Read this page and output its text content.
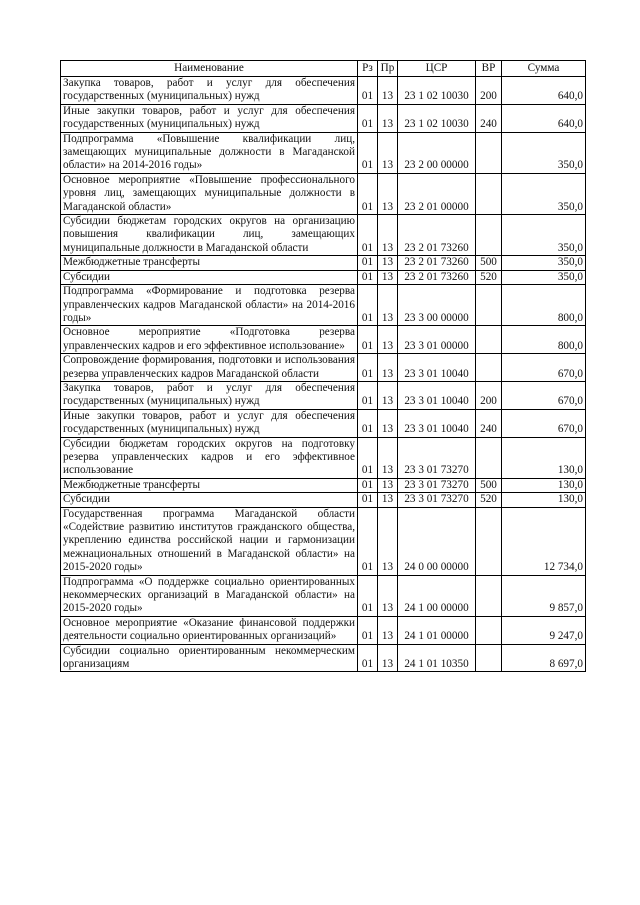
Наименование	Рз	Пр	ЦСР	ВР	Сумма
Закупка товаров, работ и услуг для обеспечения государственных (муниципальных) нужд	01	13	23 1 02 10030	200	640,0
Иные закупки товаров, работ и услуг для обеспечения государственных (муниципальных) нужд	01	13	23 1 02 10030	240	640,0
Подпрограмма «Повышение квалификации лиц, замещающих муниципальные должности в Магаданской области» на 2014-2016 годы»	01	13	23 2 00 00000		350,0
Основное мероприятие «Повышение профессионального уровня лиц, замещающих муниципальные должности в Магаданской области»	01	13	23 2 01 00000		350,0
Субсидии бюджетам городских округов на организацию повышения квалификации лиц, замещающих муниципальные должности в Магаданской области	01	13	23 2 01 73260		350,0
Межбюджетные трансферты	01	13	23 2 01 73260	500	350,0
Субсидии	01	13	23 2 01 73260	520	350,0
Подпрограмма «Формирование и подготовка резерва управленческих кадров Магаданской области» на 2014-2016 годы»	01	13	23 3 00 00000		800,0
Основное мероприятие «Подготовка резерва управленческих кадров и его эффективное использование»	01	13	23 3 01 00000		800,0
Сопровождение формирования, подготовки и использования резерва управленческих кадров Магаданской области	01	13	23 3 01 10040		670,0
Закупка товаров, работ и услуг для обеспечения государственных (муниципальных) нужд	01	13	23 3 01 10040	200	670,0
Иные закупки товаров, работ и услуг для обеспечения государственных (муниципальных) нужд	01	13	23 3 01 10040	240	670,0
Субсидии бюджетам городских округов на подготовку резерва управленческих кадров и его эффективное использование	01	13	23 3 01 73270		130,0
Межбюджетные трансферты	01	13	23 3 01 73270	500	130,0
Субсидии	01	13	23 3 01 73270	520	130,0
Государственная программа Магаданской области «Содействие развитию институтов гражданского общества, укреплению единства российской нации и гармонизации межнациональных отношений в Магаданской области» на 2015-2020 годы»	01	13	24 0 00 00000		12 734,0
Подпрограмма «О поддержке социально ориентированных некоммерческих организаций в Магаданской области» на 2015-2020 годы»	01	13	24 1 00 00000		9 857,0
Основное мероприятие «Оказание финансовой поддержки деятельности социально ориентированных организаций»	01	13	24 1 01 00000		9 247,0
Субсидии социально ориентированным некоммерческим организациям	01	13	24 1 01 10350		8 697,0
